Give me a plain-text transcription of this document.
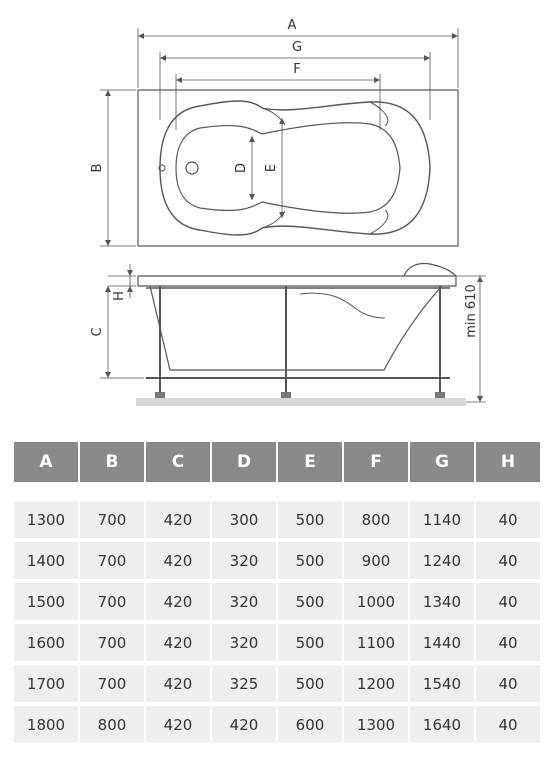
A
G
F
B	D E
H
C	min 610
A	B	C	D	E	F	G	H
1300	700	420	300	500	800	1140	40
1400	700	420	320	500	900	1240	40
1500	700	420	320	500	1000	1340	40
1600	700	420	320	500	1100	1440	40
1700	700	420	325	500	1200	1540	40
1800	800	420	420	600	1300	1640	40
